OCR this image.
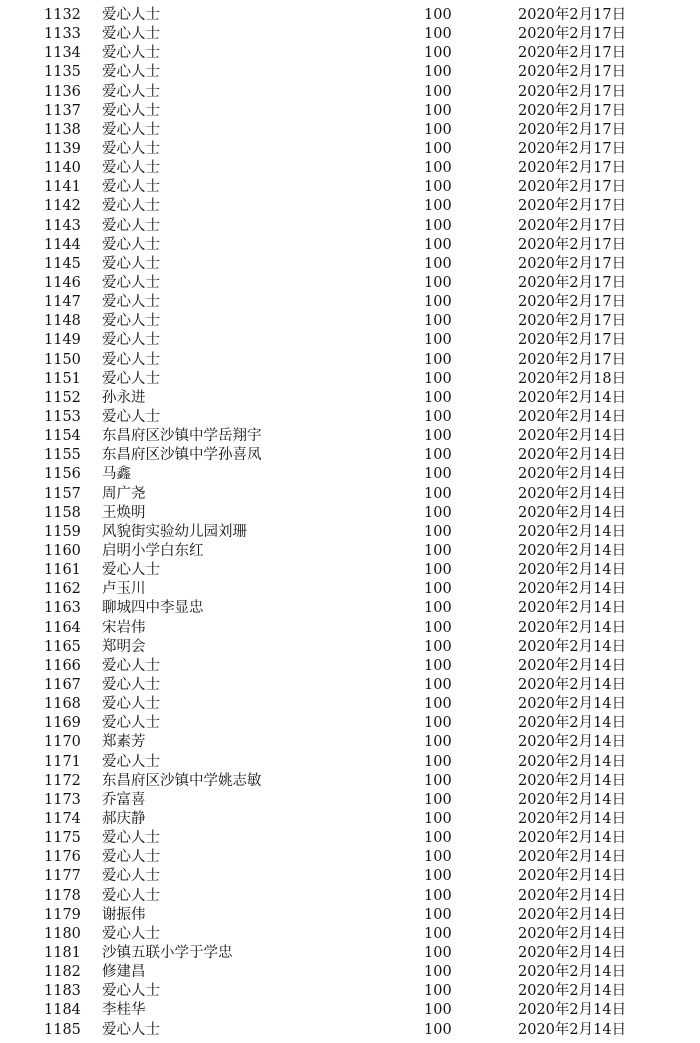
1132	爱心人士	100	2020年2月17日
1133	爱心人士	100	2020年2月17日
1134	爱心人士	100	2020年2月17日
1135	爱心人士	100	2020年2月17日
1136	爱心人士	100	2020年2月17日
1137	爱心人士	100	2020年2月17日
1138	爱心人士	100	2020年2月17日
1139	爱心人士	100	2020年2月17日
1140	爱心人士	100	2020年2月17日
1141	爱心人士	100	2020年2月17日
1142	爱心人士	100	2020年2月17日
1143	爱心人士	100	2020年2月17日
1144	爱心人士	100	2020年2月17日
1145	爱心人士	100	2020年2月17日
1146	爱心人士	100	2020年2月17日
1147	爱心人士	100	2020年2月17日
1148	爱心人士	100	2020年2月17日
1149	爱心人士	100	2020年2月17日
1150	爱心人士	100	2020年2月17日
1151	爱心人士	100	2020年2月18日
1152	孙永进	100	2020年2月14日
1153	爱心人士	100	2020年2月14日
1154	东昌府区沙镇中学岳翔宇	100	2020年2月14日
1155	东昌府区沙镇中学孙喜凤	100	2020年2月14日
1156	马鑫	100	2020年2月14日
1157	周广尧	100	2020年2月14日
1158	王焕明	100	2020年2月14日
1159	风貌街实验幼儿园刘珊	100	2020年2月14日
1160	启明小学白东红	100	2020年2月14日
1161	爱心人士	100	2020年2月14日
1162	卢玉川	100	2020年2月14日
1163	聊城四中李显忠	100	2020年2月14日
1164	宋岩伟	100	2020年2月14日
1165	郑明会	100	2020年2月14日
1166	爱心人士	100	2020年2月14日
1167	爱心人士	100	2020年2月14日
1168	爱心人士	100	2020年2月14日
1169	爱心人士	100	2020年2月14日
1170	郑素芳	100	2020年2月14日
1171	爱心人士	100	2020年2月14日
1172	东昌府区沙镇中学姚志敏	100	2020年2月14日
1173	乔富喜	100	2020年2月14日
1174	郝庆静	100	2020年2月14日
1175	爱心人士	100	2020年2月14日
1176	爱心人士	100	2020年2月14日
1177	爱心人士	100	2020年2月14日
1178	爱心人士	100	2020年2月14日
1179	谢振伟	100	2020年2月14日
1180	爱心人士	100	2020年2月14日
1181	沙镇五联小学于学忠	100	2020年2月14日
1182	修建昌	100	2020年2月14日
1183	爱心人士	100	2020年2月14日
1184	李桂华	100	2020年2月14日
1185	爱心人士	100	2020年2月14日
